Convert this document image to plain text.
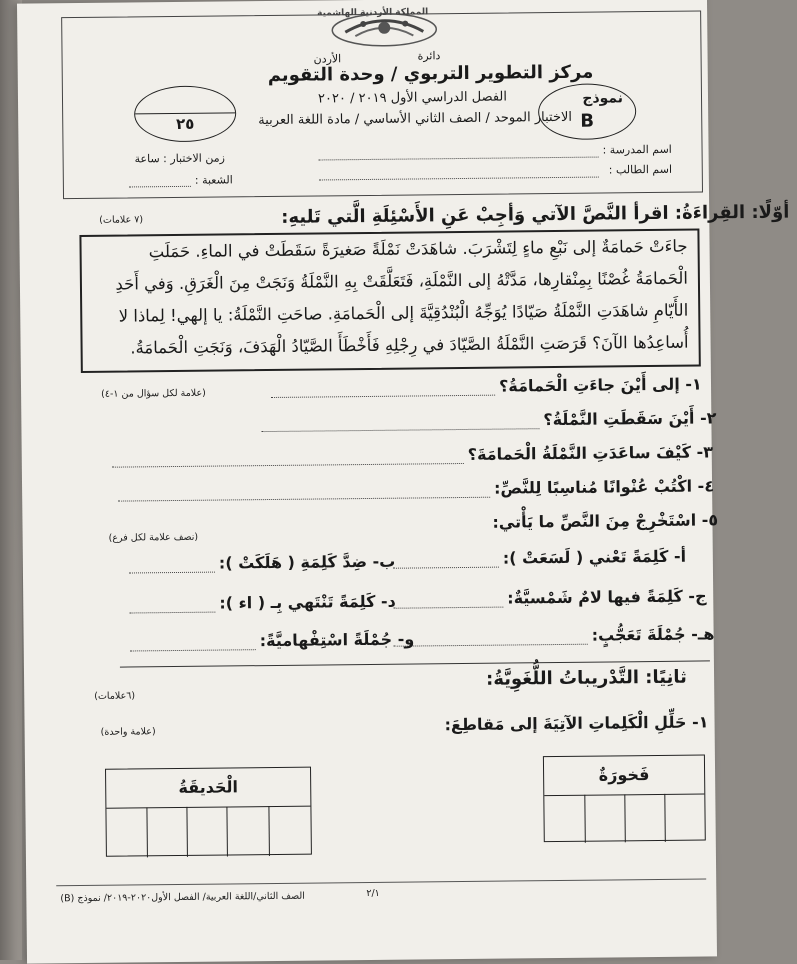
المملكة الأردنية الهاشمية
دائرة
الأردن
مركز التطوير التربوي / وحدة التقويم
الفصل الدراسي الأول ٢٠١٩ / ٢٠٢٠
الاختبار الموحد / الصف الثاني الأساسي / مادة اللغة العربية
٢٥
نموذج
B
اسم المدرسة :
اسم الطالب :
زمن الاختبار : ساعة
الشعبة :
أوّلًا: القِراءَةُ: اقرأ النَّصَّ الآتي وَأجِبْ عَنِ الأَسْئِلَةِ الَّتي تَليهِ:
(٧ علامات)
جاءَتْ حَمامَةٌ إلى نَبْعِ ماءٍ لِتَشْرَبَ. شاهَدَتْ نَمْلَةً صَغيرَةً سَقَطَتْ في الماءِ. حَمَلَتِ
الْحَمامَةُ غُصْنًا بِمِنْقارِها، مَدَّتْهُ إلى النَّمْلَةِ، فَتَعَلَّقَتْ بِهِ النَّمْلَةُ وَنَجَتْ مِنَ الْغَرَقِ. وَفي أَحَدِ
الأَيّامِ شاهَدَتِ النَّمْلَةُ صَيّادًا يُوَجِّهُ الْبُنْدُقِيَّةَ إلى الْحَمامَةِ. صاحَتِ النَّمْلَةُ: يا إلهي! لِماذا لا
أُساعِدُها الآنَ؟ قَرَصَتِ النَّمْلَةُ الصَّيّادَ في رِجْلِهِ فَأَخْطَأَ الصَّيّادُ الْهَدَفَ، وَنَجَتِ الْحَمامَةُ.
١- إلى أَيْنَ جاءَتِ الْحَمامَةُ؟
(علامة لكل سؤال من ١-٤)
٢- أَيْنَ سَقَطَتِ النَّمْلَةُ؟
٣- كَيْفَ ساعَدَتِ النَّمْلَةُ الْحَمامَةَ؟
٤- اكْتُبْ عُنْوانًا مُناسِبًا لِلنَّصِّ:
٥- اسْتَخْرِجْ مِنَ النَّصِّ ما يَأْتي:
(نصف علامة لكل فرع)
أ- كَلِمَةً تَعْني ( لَسَعَتْ ):
ب- ضِدَّ كَلِمَةِ ( هَلَكَتْ ):
ج- كَلِمَةً فيها لامٌ شَمْسيَّةٌ:
د- كَلِمَةً تَنْتَهي بِـ ( اء ):
هـ- جُمْلَةَ تَعَجُّبٍ:
و- جُمْلَةً اسْتِفْهاميَّةً:
ثانِيًا: التَّدْريباتُ اللُّغَوِيَّةُ:
(٦علامات)
١- حَلِّلِ الْكَلِماتِ الآتِيَةَ إلى مَقاطِعَ:
(علامة واحدة)
فَخورَةٌ
الْحَديقَةُ
٢/١
الصف الثاني/اللغة العربية/ الفصل الأول٢٠٢٠-٢٠١٩/ نموذج (B)
